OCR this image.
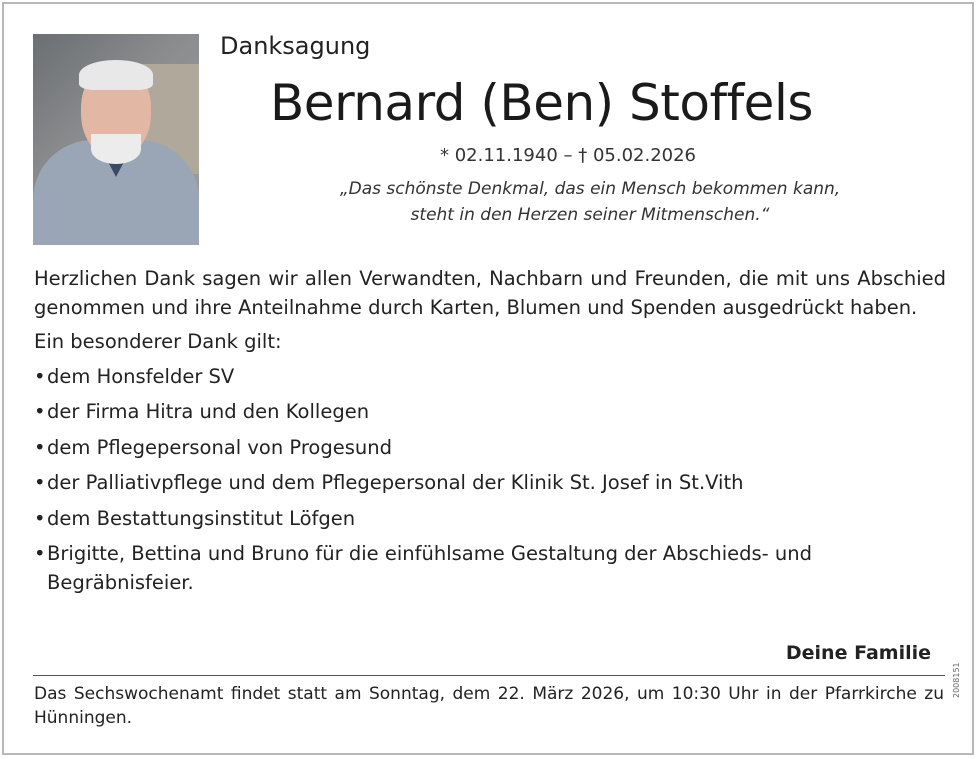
Danksagung
Bernard (Ben) Stoffels
* 02.11.1940 – † 05.02.2026
„Das schönste Denkmal, das ein Mensch bekommen kann,
steht in den Herzen seiner Mitmenschen.“
Herzlichen Dank sagen wir allen Verwandten, Nachbarn und Freunden, die mit uns Abschied genommen und ihre Anteilnahme durch Karten, Blumen und Spenden ausgedrückt haben.
Ein besonderer Dank gilt:
• dem Honsfelder SV
• der Firma Hitra und den Kollegen
• dem Pflegepersonal von Progesund
• der Palliativpflege und dem Pflegepersonal der Klinik St. Josef in St.Vith
• dem Bestattungsinstitut Löfgen
• Brigitte, Bettina und Bruno für die einfühlsame Gestaltung der Abschieds- und Begräbnisfeier.
Deine Familie
Das Sechswochenamt findet statt am Sonntag, dem 22. März 2026, um 10:30 Uhr in der Pfarrkirche zu Hünningen.
2008151
